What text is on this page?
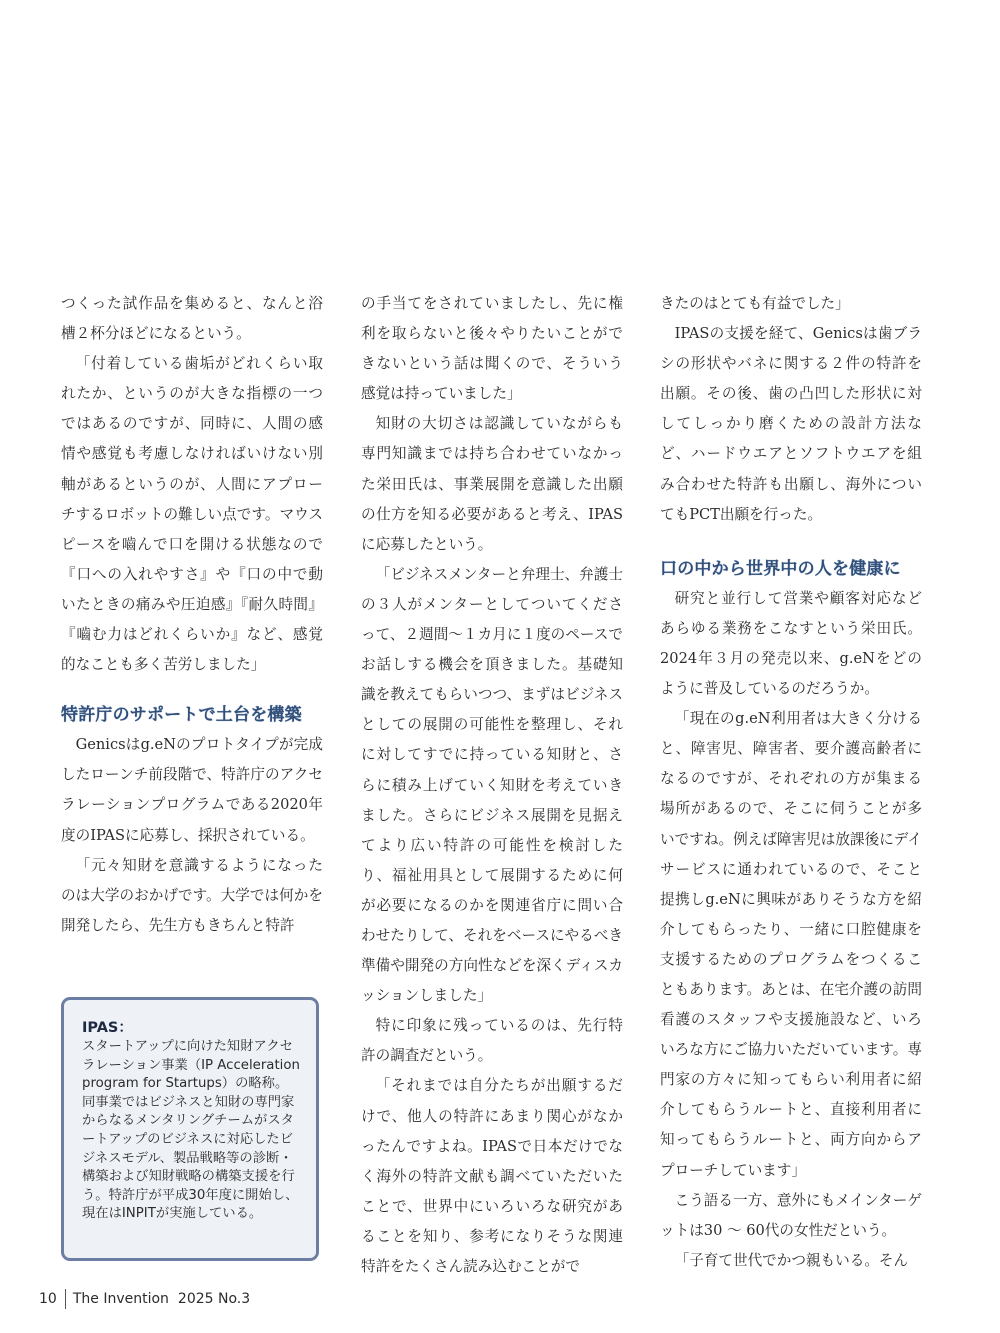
つくった試作品を集めると、なんと浴槽２杯分ほどになるという。

「付着している歯垢がどれくらい取れたか、というのが大きな指標の一つではあるのですが、同時に、人間の感情や感覚も考慮しなければいけない別軸があるというのが、人間にアプローチするロボットの難しい点です。マウスピースを嚙んで口を開ける状態なので『口への入れやすさ』や『口の中で動いたときの痛みや圧迫感』『耐久時間』『嚙む力はどれくらいか』など、感覚的なことも多く苦労しました」

特許庁のサポートで土台を構築

Genicsはg.eNのプロトタイプが完成したローンチ前段階で、特許庁のアクセラレーションプログラムである2020年度のIPASに応募し、採択されている。

「元々知財を意識するようになったのは大学のおかげです。大学では何かを開発したら、先生方もきちんと特許

の手当てをされていましたし、先に権利を取らないと後々やりたいことができないという話は聞くので、そういう感覚は持っていました」

知財の大切さは認識していながらも専門知識までは持ち合わせていなかった栄田氏は、事業展開を意識した出願の仕方を知る必要があると考え、IPASに応募したという。

「ビジネスメンターと弁理士、弁護士の３人がメンターとしてついてくださって、２週間〜１カ月に１度のペースでお話しする機会を頂きました。基礎知識を教えてもらいつつ、まずはビジネスとしての展開の可能性を整理し、それに対してすでに持っている知財と、さらに積み上げていく知財を考えていきました。さらにビジネス展開を見据えてより広い特許の可能性を検討したり、福祉用具として展開するために何が必要になるのかを関連省庁に問い合わせたりして、それをベースにやるべき準備や開発の方向性などを深くディスカッションしました」

特に印象に残っているのは、先行特許の調査だという。

「それまでは自分たちが出願するだけで、他人の特許にあまり関心がなかったんですよね。IPASで日本だけでなく海外の特許文献も調べていただいたことで、世界中にいろいろな研究があることを知り、参考になりそうな関連特許をたくさん読み込むことがで

きたのはとても有益でした」

IPASの支援を経て、Genicsは歯ブラシの形状やバネに関する２件の特許を出願。その後、歯の凸凹した形状に対してしっかり磨くための設計方法など、ハードウエアとソフトウエアを組み合わせた特許も出願し、海外についてもPCT出願を行った。

口の中から世界中の人を健康に

研究と並行して営業や顧客対応などあらゆる業務をこなすという栄田氏。2024年３月の発売以来、g.eNをどのように普及しているのだろうか。

「現在のg.eN利用者は大きく分けると、障害児、障害者、要介護高齢者になるのですが、それぞれの方が集まる場所があるので、そこに伺うことが多いですね。例えば障害児は放課後にデイサービスに通われているので、そこと提携しg.eNに興味がありそうな方を紹介してもらったり、一緒に口腔健康を支援するためのプログラムをつくることもあります。あとは、在宅介護の訪問看護のスタッフや支援施設など、いろいろな方にご協力いただいています。専門家の方々に知ってもらい利用者に紹介してもらうルートと、直接利用者に知ってもらうルートと、両方向からアプローチしています」

こう語る一方、意外にもメインターゲットは30 〜 60代の女性だという。

「子育て世代でかつ親もいる。そん

IPAS：
スタートアップに向けた知財アクセラレーション事業（IP Acceleration program for Startups）の略称。同事業ではビジネスと知財の専門家からなるメンタリングチームがスタートアップのビジネスに対応したビジネスモデル、製品戦略等の診断・構築および知財戦略の構築支援を行う。特許庁が平成30年度に開始し、現在はINPITが実施している。
10 The Invention 2025 No.3
